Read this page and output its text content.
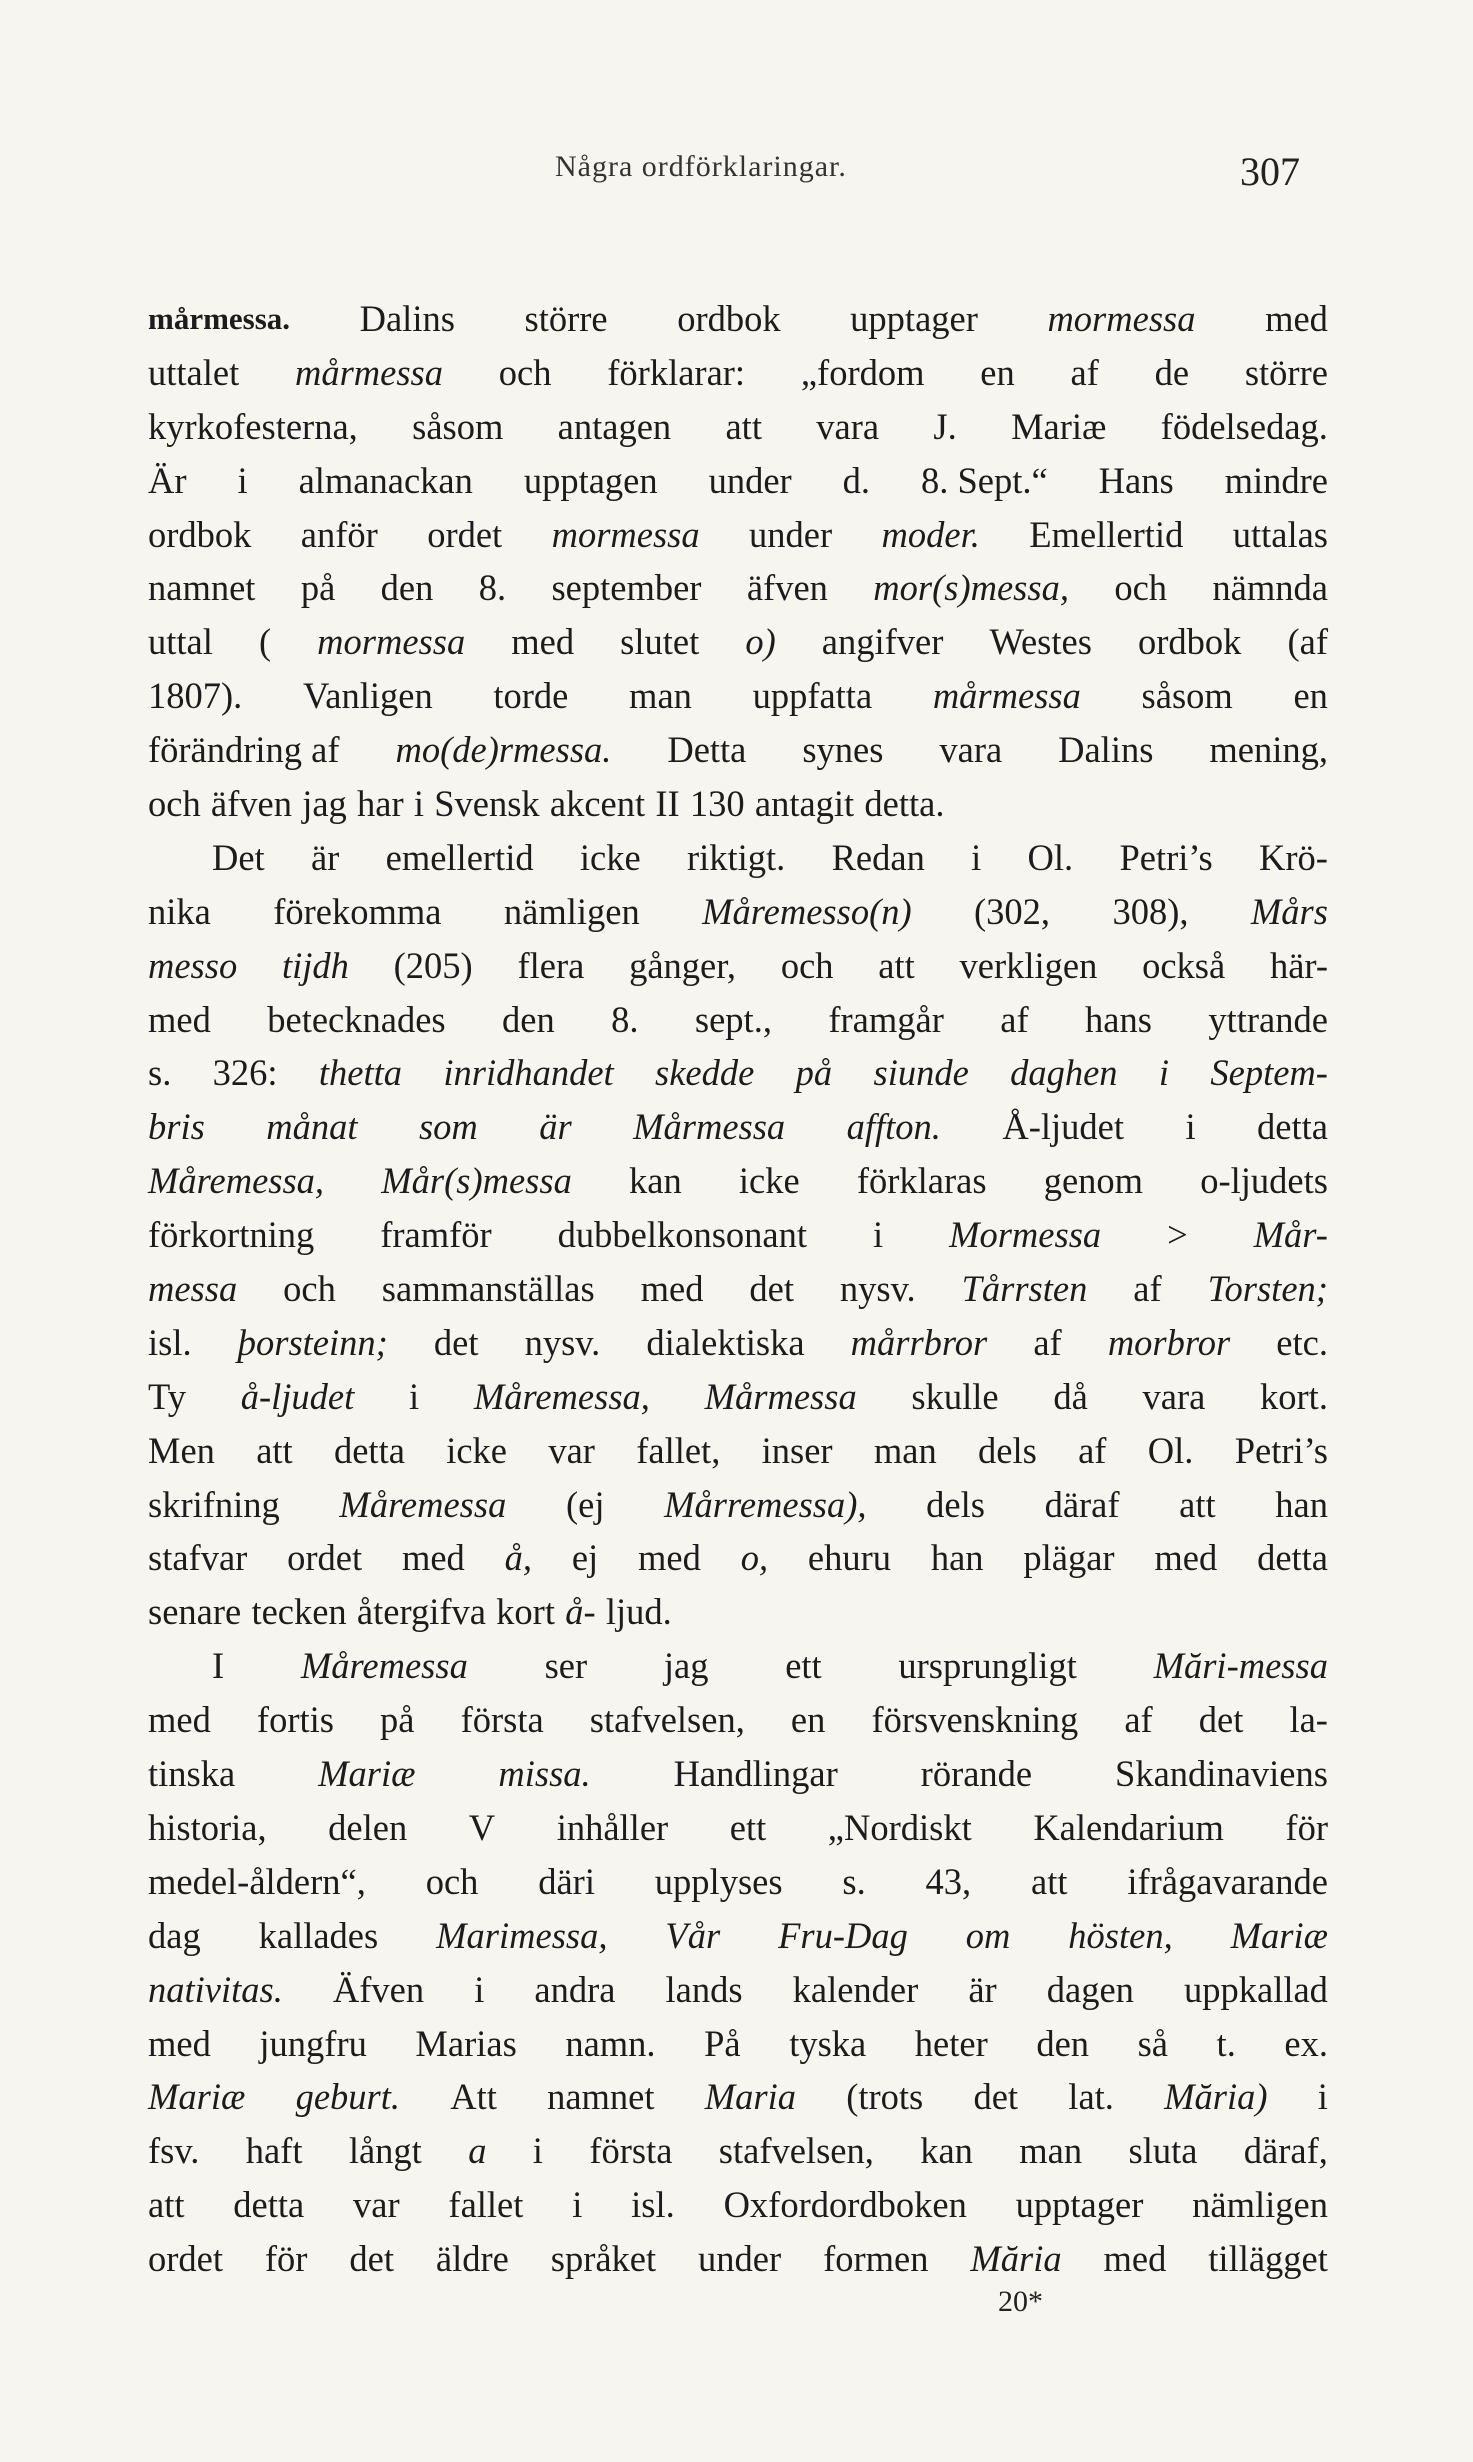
Några ordförklaringar.	307
mårmessa. Dalins större ordbok upptager mormessa med
uttalet mårmessa och förklarar: „fordom en af de större
kyrkofesterna, såsom antagen att vara J. Mariæ födelsedag.
Är i almanackan upptagen under d. 8. Sept.“ Hans mindre
ordbok anför ordet mormessa under moder. Emellertid uttalas
namnet på den 8. september äfven mor(s)messa, och nämnda
uttal ( mormessa med slutet o) angifver Westes ordbok (af
1807). Vanligen torde man uppfatta mårmessa såsom en
förändring af mo(de)rmessa. Detta synes vara Dalins mening,
och äfven jag har i Svensk akcent II 130 antagit detta.
Det är emellertid icke riktigt. Redan i Ol. Petri’s Krö-
nika förekomma nämligen Måremesso(n) (302, 308), Mårs
messo tijdh (205) flera gånger, och att verkligen också här-
med betecknades den 8. sept., framgår af hans yttrande
s. 326: thetta inridhandet skedde på siunde daghen i Septem-
bris månat som är Mårmessa affton. Å-ljudet i detta
Måremessa, Mår(s)messa kan icke förklaras genom o-ljudets
förkortning framför dubbelkonsonant i Mormessa > Mår-
messa och sammanställas med det nysv. Tårrsten af Torsten;
isl. þorsteinn; det nysv. dialektiska mårrbror af morbror etc.
Ty å-ljudet i Måremessa, Mårmessa skulle då vara kort.
Men att detta icke var fallet, inser man dels af Ol. Petri’s
skrifning Måremessa (ej Mårremessa), dels däraf att han
stafvar ordet med å, ej med o, ehuru han plägar med detta
senare tecken återgifva kort å- ljud.
I Måremessa ser jag ett ursprungligt Mări-messa
med fortis på första stafvelsen, en försvenskning af det la-
tinska Mariæ missa. Handlingar rörande Skandinaviens
historia, delen V inhåller ett „Nordiskt Kalendarium för
medel-åldern“, och däri upplyses s. 43, att ifrågavarande
dag kallades Marimessa, Vår Fru-Dag om hösten, Mariæ
nativitas. Äfven i andra lands kalender är dagen uppkallad
med jungfru Marias namn. På tyska heter den så t. ex.
Mariæ geburt. Att namnet Maria (trots det lat. Măria) i
fsv. haft långt a i första stafvelsen, kan man sluta däraf,
att detta var fallet i isl. Oxfordordboken upptager nämligen
ordet för det äldre språket under formen Măria med tillägget
20*
